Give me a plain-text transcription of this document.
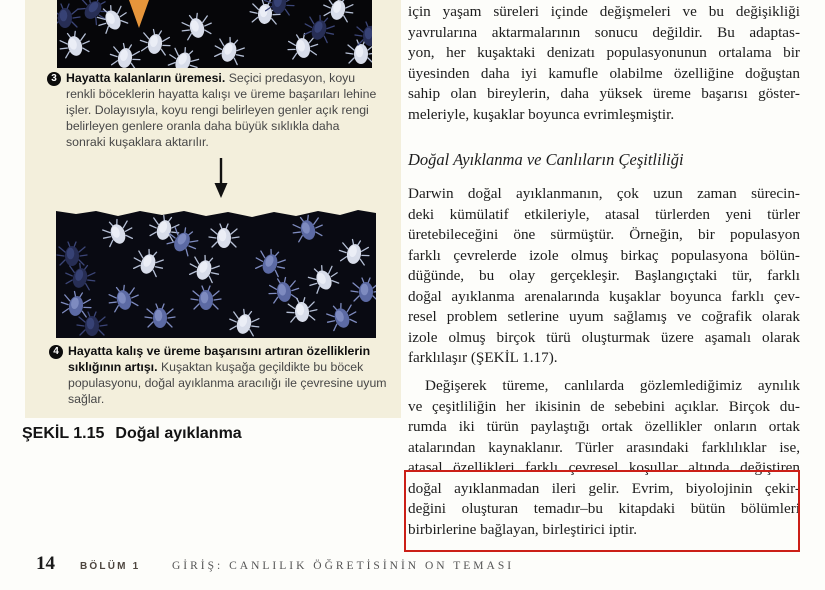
3 Hayatta kalanların üremesi. Seçici predasyon, koyu renkli böceklerin hayatta kalışı ve üreme başarıları lehine işler. Dolayısıyla, koyu rengi belirleyen genler açık rengi belirleyen genlere oranla daha büyük sıklıkla daha sonraki kuşaklara aktarılır.
4 Hayatta kalış ve üreme başarısını artıran özelliklerin sıklığının artışı. Kuşaktan kuşağa geçildikte bu böcek populasyonu, doğal ayıklanma aracılığı ile çevresine uyum sağlar.
ŞEKİL 1.15 Doğal ayıklanma
için yaşam süreleri içinde değişmeleri ve bu değişikliği
yavrularına aktarmalarının sonucu değildir. Bu adaptas-
yon, her kuşaktaki denizatı populasyonunun ortalama bir
üyesinden daha iyi kamufle olabilme özelliğine doğuştan
sahip olan bireylerin, daha yüksek üreme başarısı göster-
meleriyle, kuşaklar boyunca evrimleşmiştir.
Doğal Ayıklanma ve Canlıların Çeşitliliği
Darwin doğal ayıklanmanın, çok uzun zaman sürecin-
deki kümülatif etkileriyle, atasal türlerden yeni türler
üretebileceğini öne sürmüştür. Örneğin, bir populasyon
farklı çevrelerde izole olmuş birkaç populasyona bölün-
düğünde, bu olay gerçekleşir. Başlangıçtaki tür, farklı
doğal ayıklanma arenalarında kuşaklar boyunca farklı çev-
resel problem setlerine uyum sağlamış ve coğrafik olarak
izole olmuş birçok türü oluşturmak üzere aşamalı olarak
farklılaşır (ŞEKİL 1.17).
Değişerek türeme, canlılarda gözlemlediğimiz aynılık
ve çeşitliliğin her ikisinin de sebebini açıklar. Birçok du-
rumda iki türün paylaştığı ortak özellikler onların ortak
atalarından kaynaklanır. Türler arasındaki farklılıklar ise,
atasal özellikleri farklı çevresel koşullar altında değiştiren
doğal ayıklanmadan ileri gelir. Evrim, biyolojinin çekir-
değini oluşturan temadır–bu kitapdaki bütün bölümleri
birbirlerine bağlayan, birleştirici iptir.
14	BÖLÜM 1	GİRİŞ: CANLILIK ÖĞRETİSİNİN ON TEMASI
